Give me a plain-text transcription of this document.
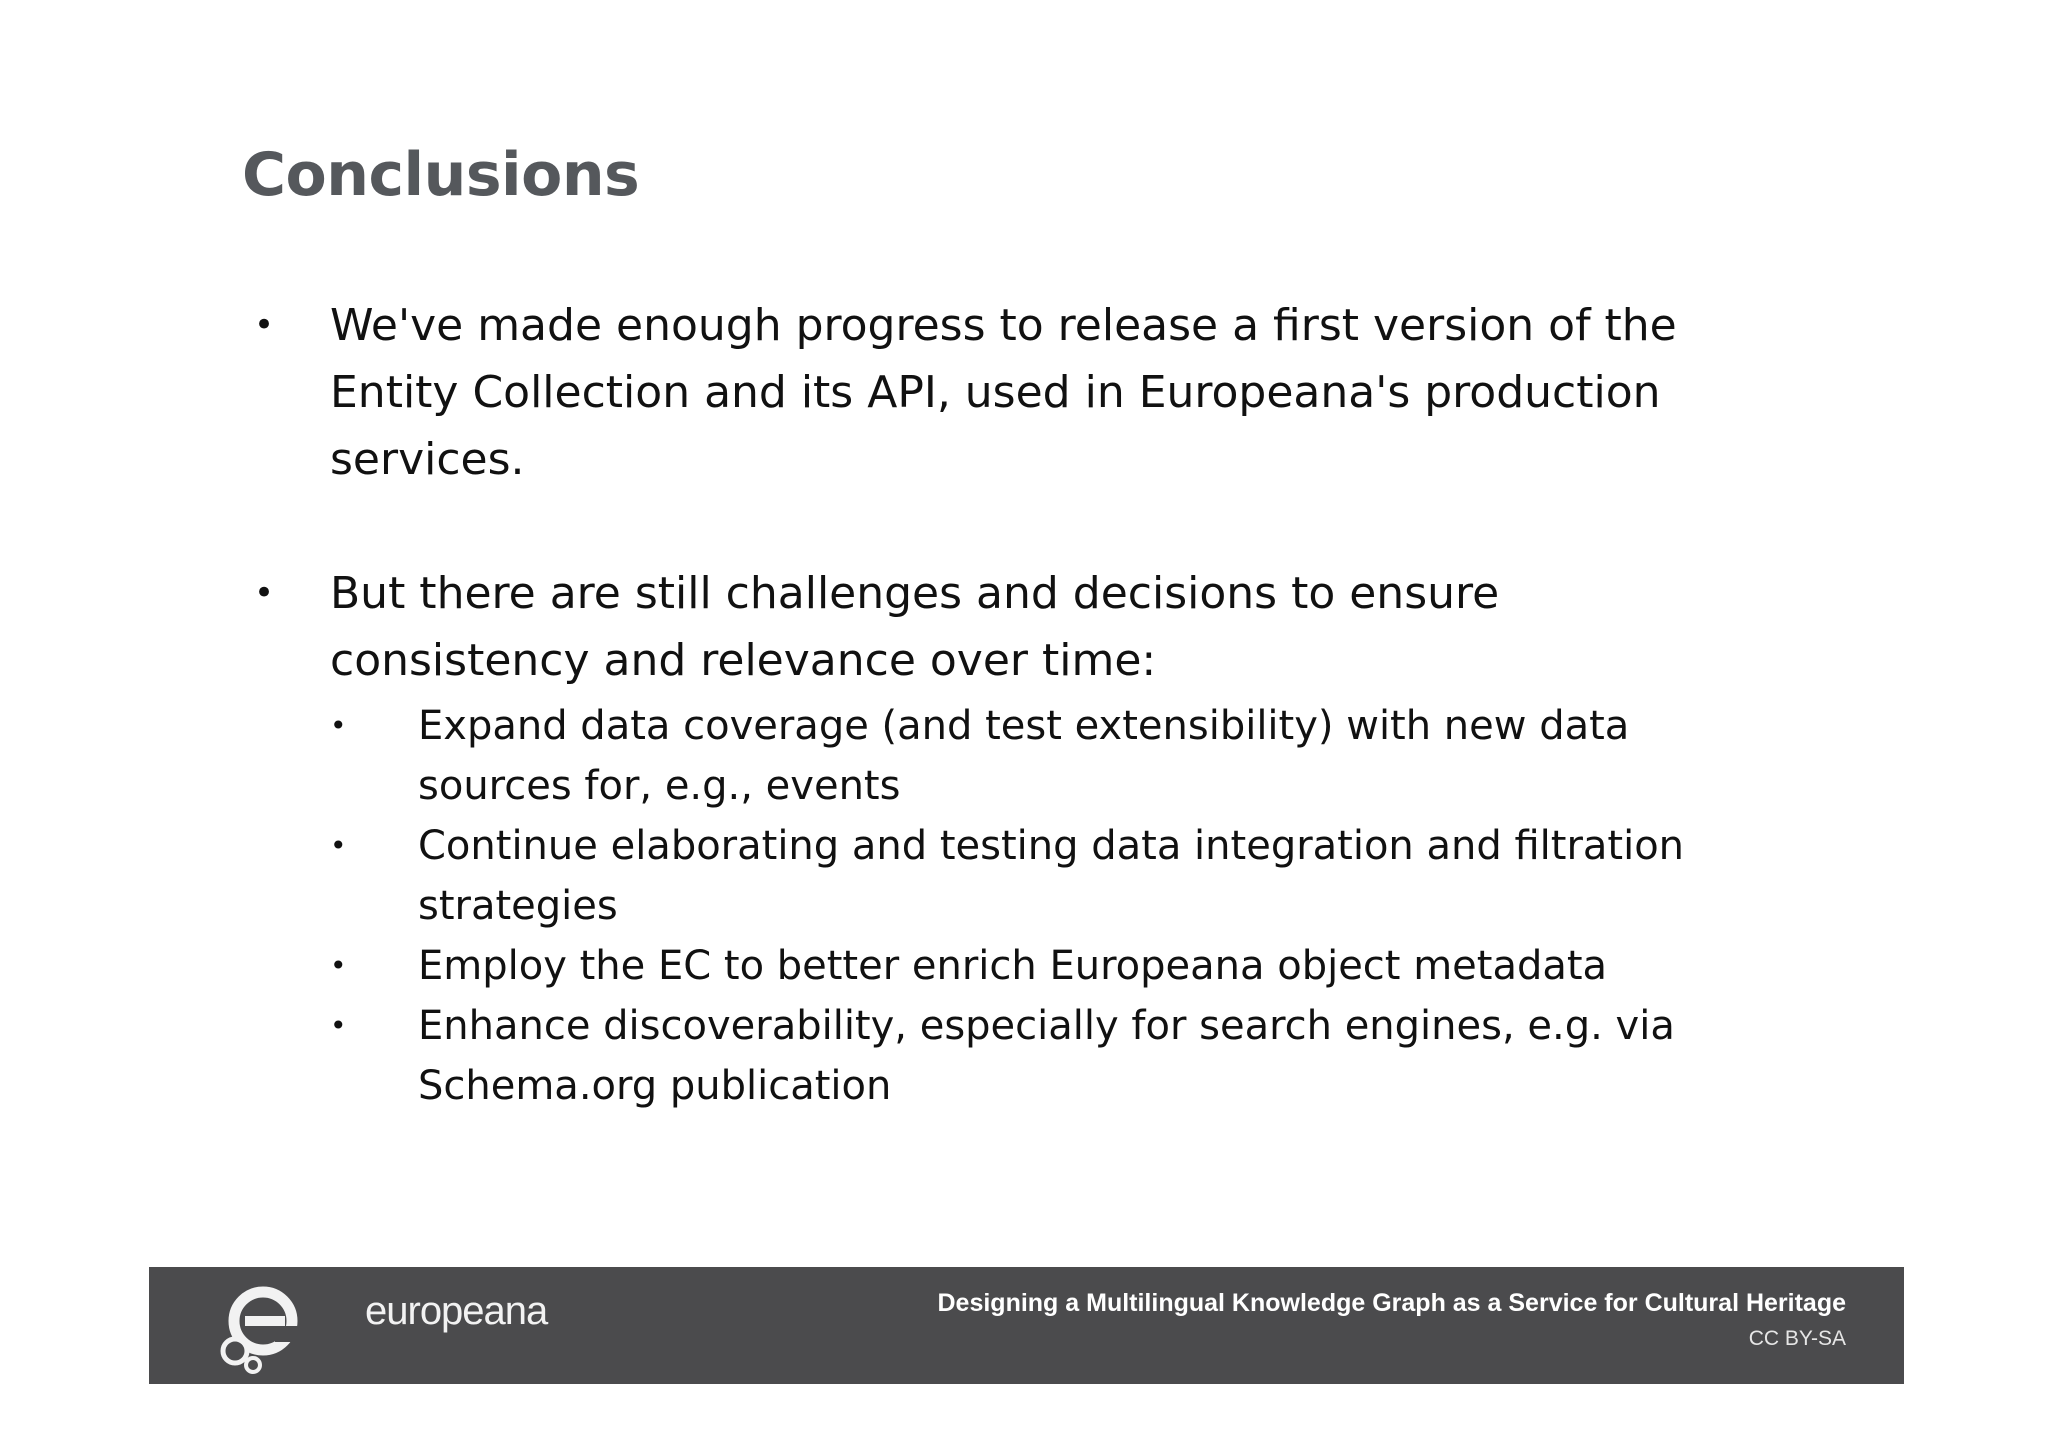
Conclusions
• We've made enough progress to release a first version of the Entity Collection and its API, used in Europeana's production services.
• But there are still challenges and decisions to ensure consistency and relevance over time:
• Expand data coverage (and test extensibility) with new data sources for, e.g., events
• Continue elaborating and testing data integration and filtration strategies
• Employ the EC to better enrich Europeana object metadata
• Enhance discoverability, especially for search engines, e.g. via Schema.org publication
europeana	Designing a Multilingual Knowledge Graph as a Service for Cultural Heritage
CC BY-SA
